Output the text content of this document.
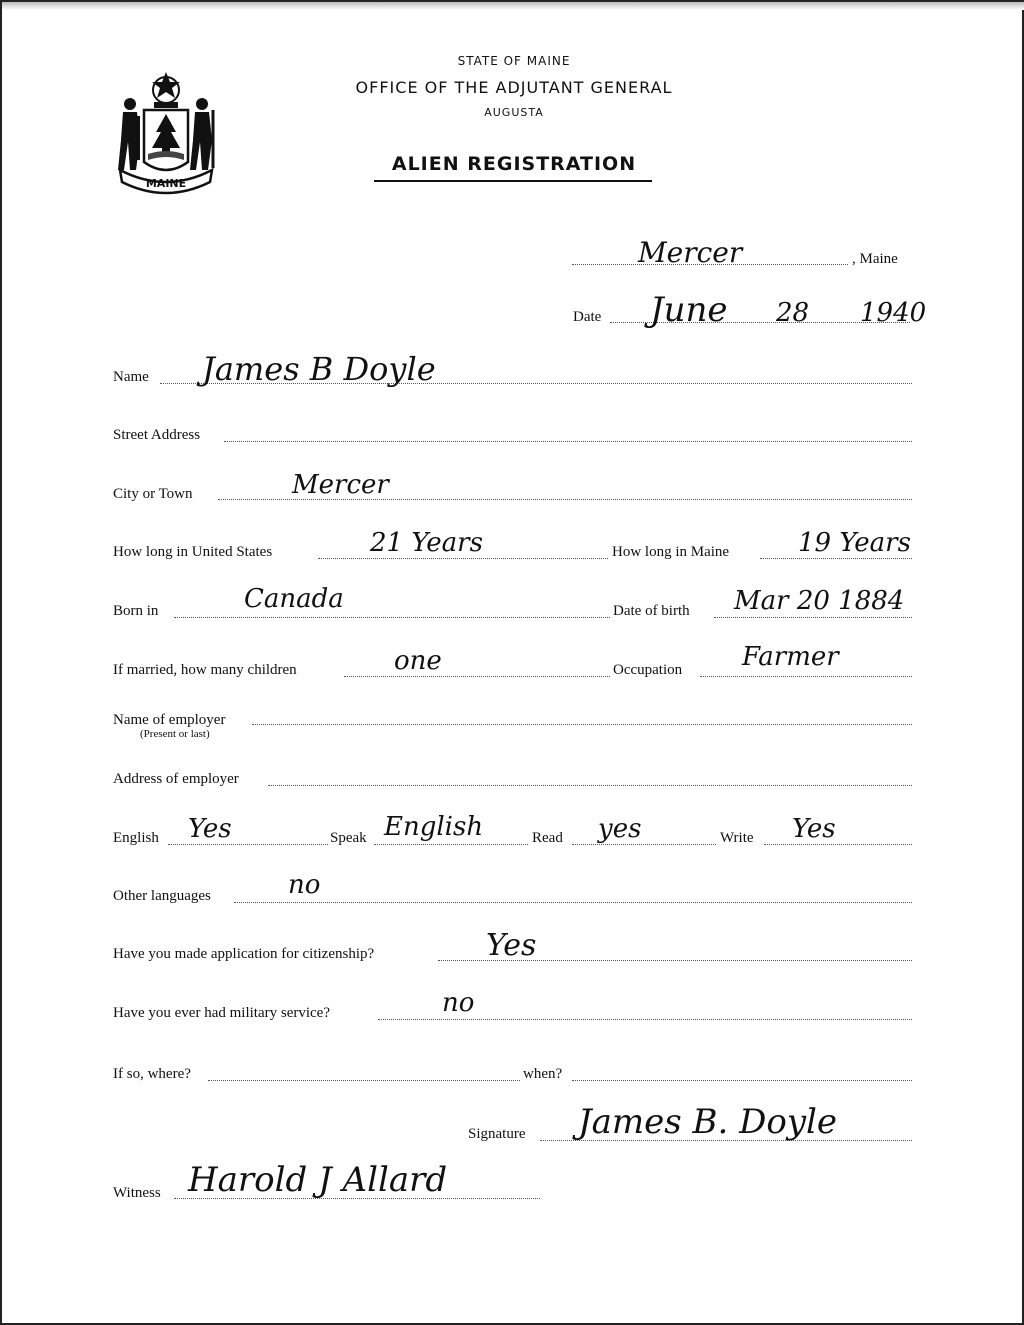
MAINE
STATE OF MAINE
OFFICE OF THE ADJUTANT GENERAL
AUGUSTA
ALIEN REGISTRATION
Mercer	, Maine
Date June 28 1940
Name James B Doyle
Street Address
City or Town	Mercer
How long in United States	21 Years	How long in Maine	19 Years
Born in	Canada	Date of birth Mar 20 1884
If married, how many children	one	Occupation Farmer
Name of employer
(Present or last)
Address of employer
English Yes	Speak English	Read yes	Write Yes
Other languages	no
Have you made application for citizenship?	Yes
Have you ever had military service?	no
If so, where?	when?
Signature James B. Doyle
Witness Harold J Allard
